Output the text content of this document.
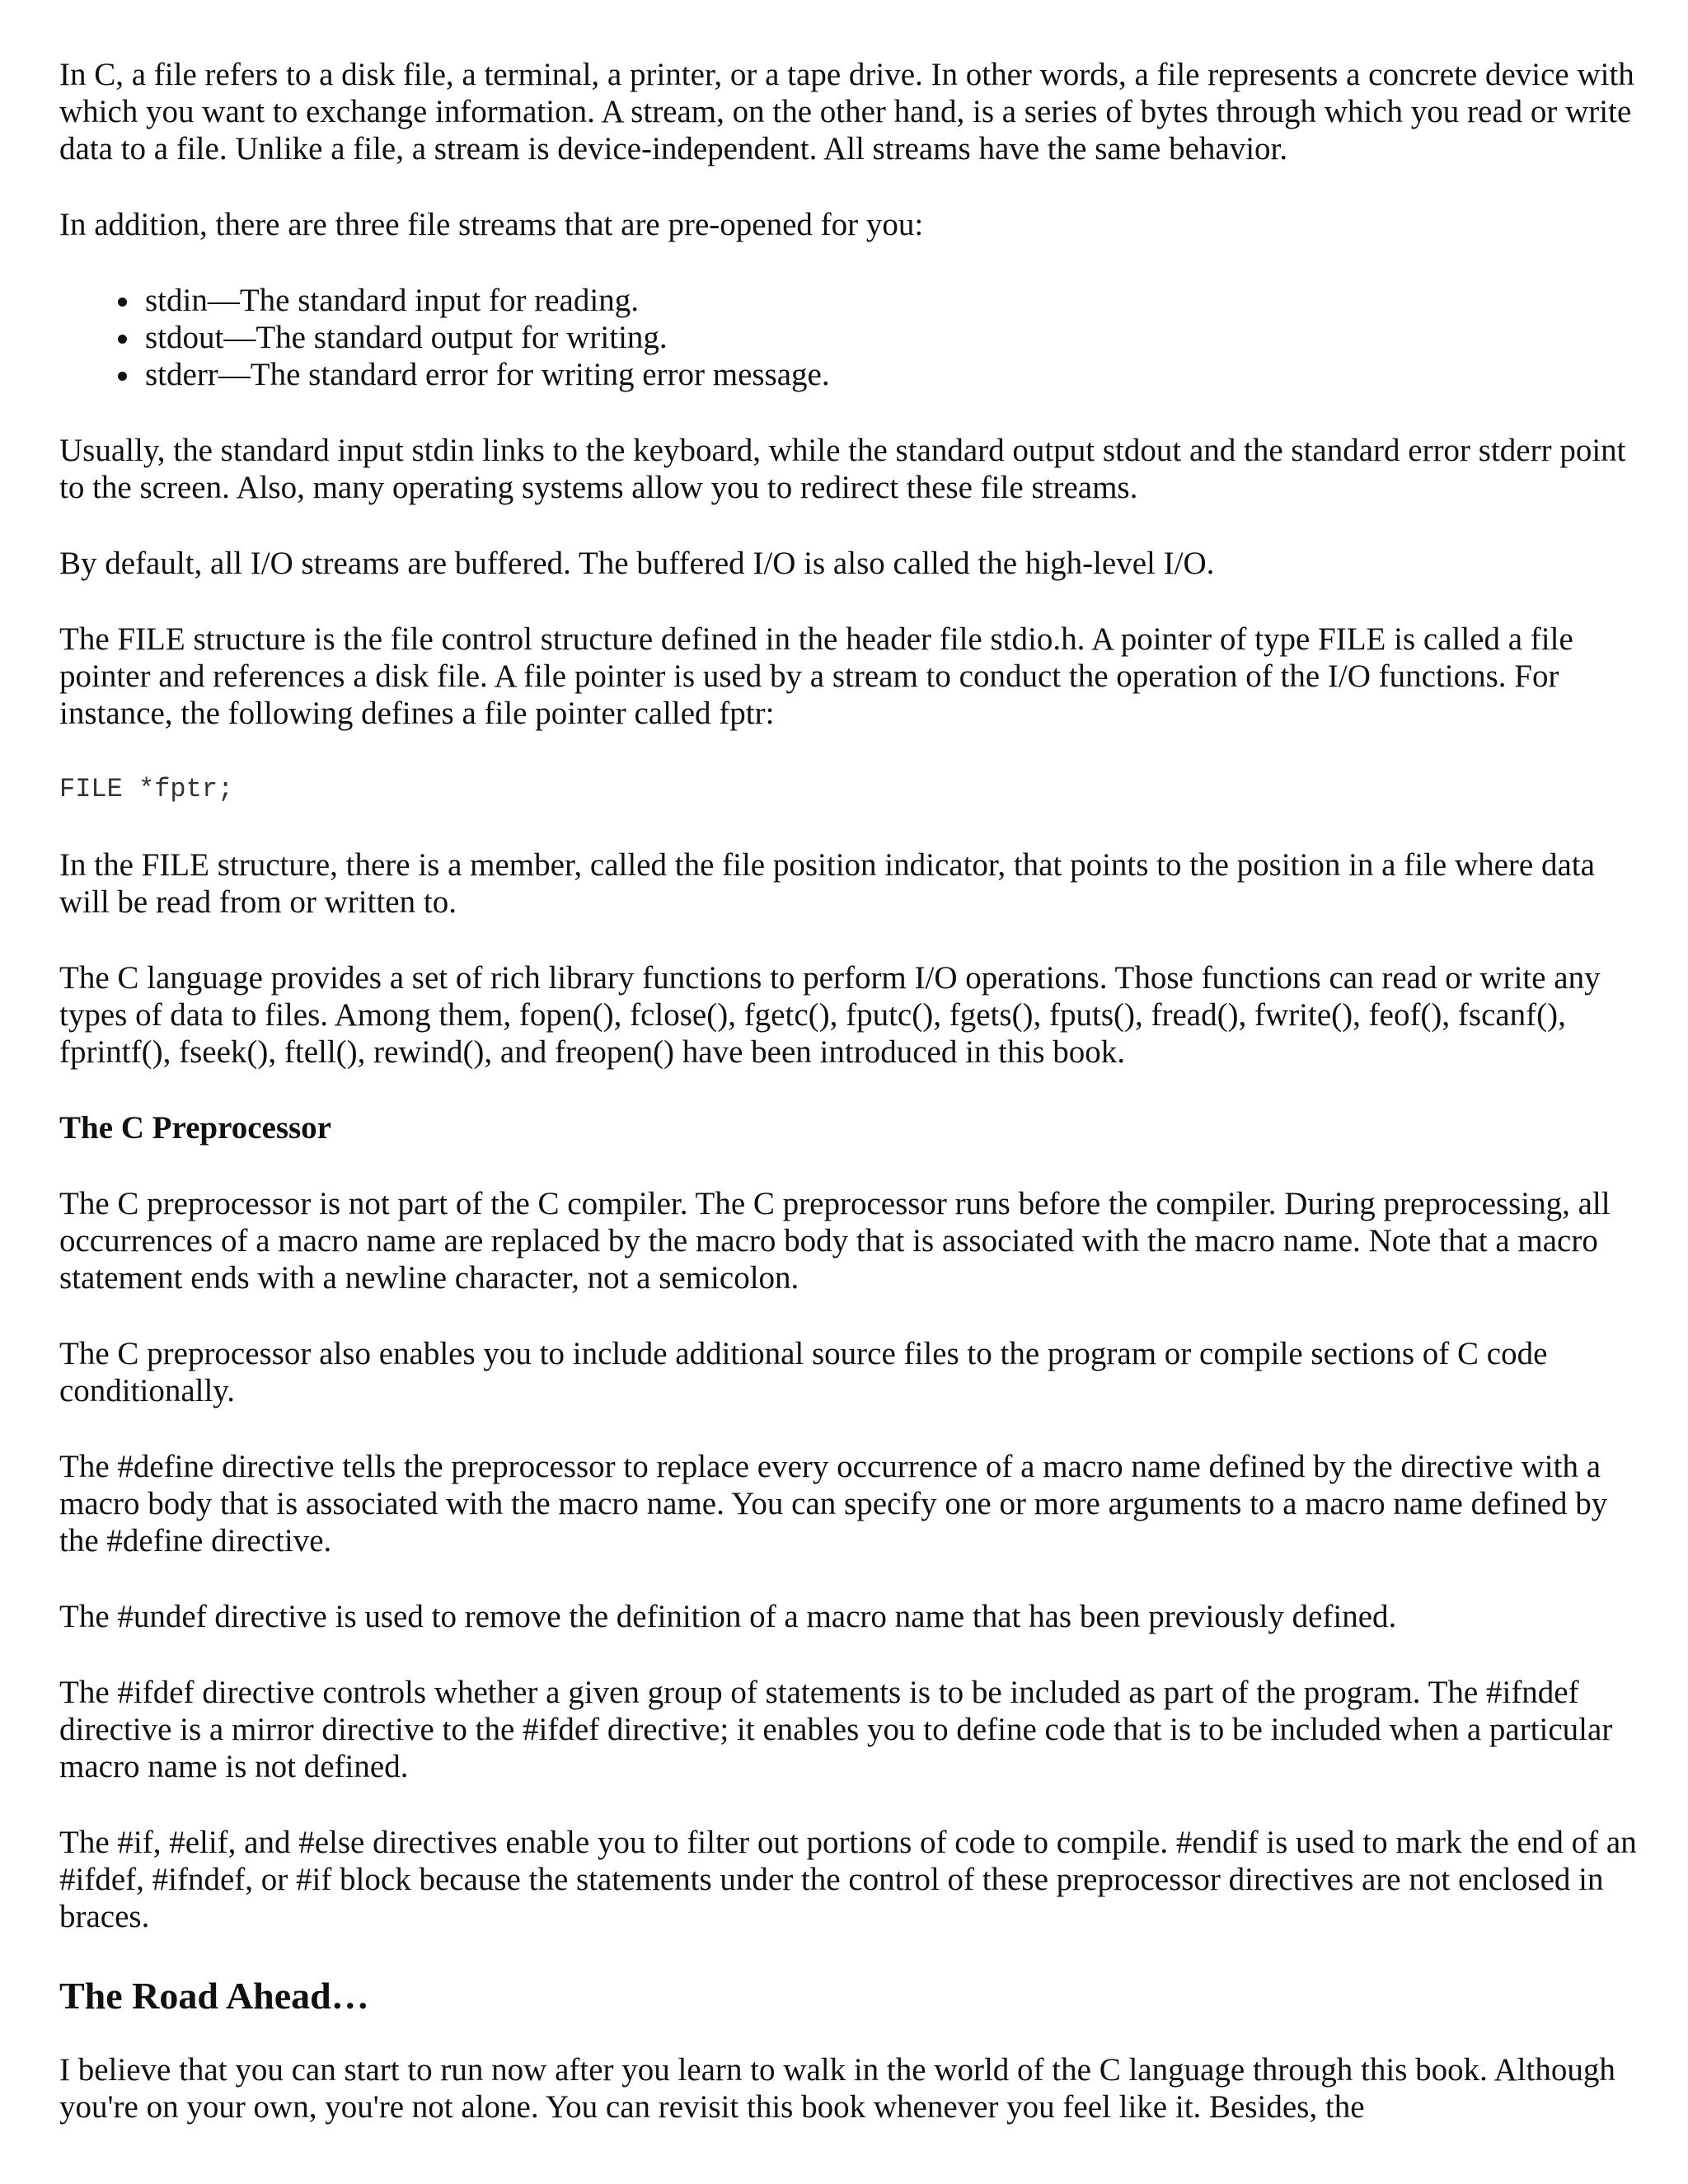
In C, a file refers to a disk file, a terminal, a printer, or a tape drive. In other words, a file represents a concrete device with which you want to exchange information. A stream, on the other hand, is a series of bytes through which you read or write data to a file. Unlike a file, a stream is device-independent. All streams have the same behavior.

In addition, there are three file streams that are pre-opened for you:

• stdin—The standard input for reading.
• stdout—The standard output for writing.
• stderr—The standard error for writing error message.

Usually, the standard input stdin links to the keyboard, while the standard output stdout and the standard error stderr point to the screen. Also, many operating systems allow you to redirect these file streams.

By default, all I/O streams are buffered. The buffered I/O is also called the high-level I/O.

The FILE structure is the file control structure defined in the header file stdio.h. A pointer of type FILE is called a file pointer and references a disk file. A file pointer is used by a stream to conduct the operation of the I/O functions. For instance, the following defines a file pointer called fptr:

FILE *fptr;

In the FILE structure, there is a member, called the file position indicator, that points to the position in a file where data will be read from or written to.

The C language provides a set of rich library functions to perform I/O operations. Those functions can read or write any types of data to files. Among them, fopen(), fclose(), fgetc(), fputc(), fgets(), fputs(), fread(), fwrite(), feof(), fscanf(), fprintf(), fseek(), ftell(), rewind(), and freopen() have been introduced in this book.

The C Preprocessor

The C preprocessor is not part of the C compiler. The C preprocessor runs before the compiler. During preprocessing, all occurrences of a macro name are replaced by the macro body that is associated with the macro name. Note that a macro statement ends with a newline character, not a semicolon.

The C preprocessor also enables you to include additional source files to the program or compile sections of C code conditionally.

The #define directive tells the preprocessor to replace every occurrence of a macro name defined by the directive with a macro body that is associated with the macro name. You can specify one or more arguments to a macro name defined by the #define directive.

The #undef directive is used to remove the definition of a macro name that has been previously defined.

The #ifdef directive controls whether a given group of statements is to be included as part of the program. The #ifndef directive is a mirror directive to the #ifdef directive; it enables you to define code that is to be included when a particular macro name is not defined.

The #if, #elif, and #else directives enable you to filter out portions of code to compile. #endif is used to mark the end of an #ifdef, #ifndef, or #if block because the statements under the control of these preprocessor directives are not enclosed in braces.

The Road Ahead…

I believe that you can start to run now after you learn to walk in the world of the C language through this book. Although you're on your own, you're not alone. You can revisit this book whenever you feel like it. Besides, the
